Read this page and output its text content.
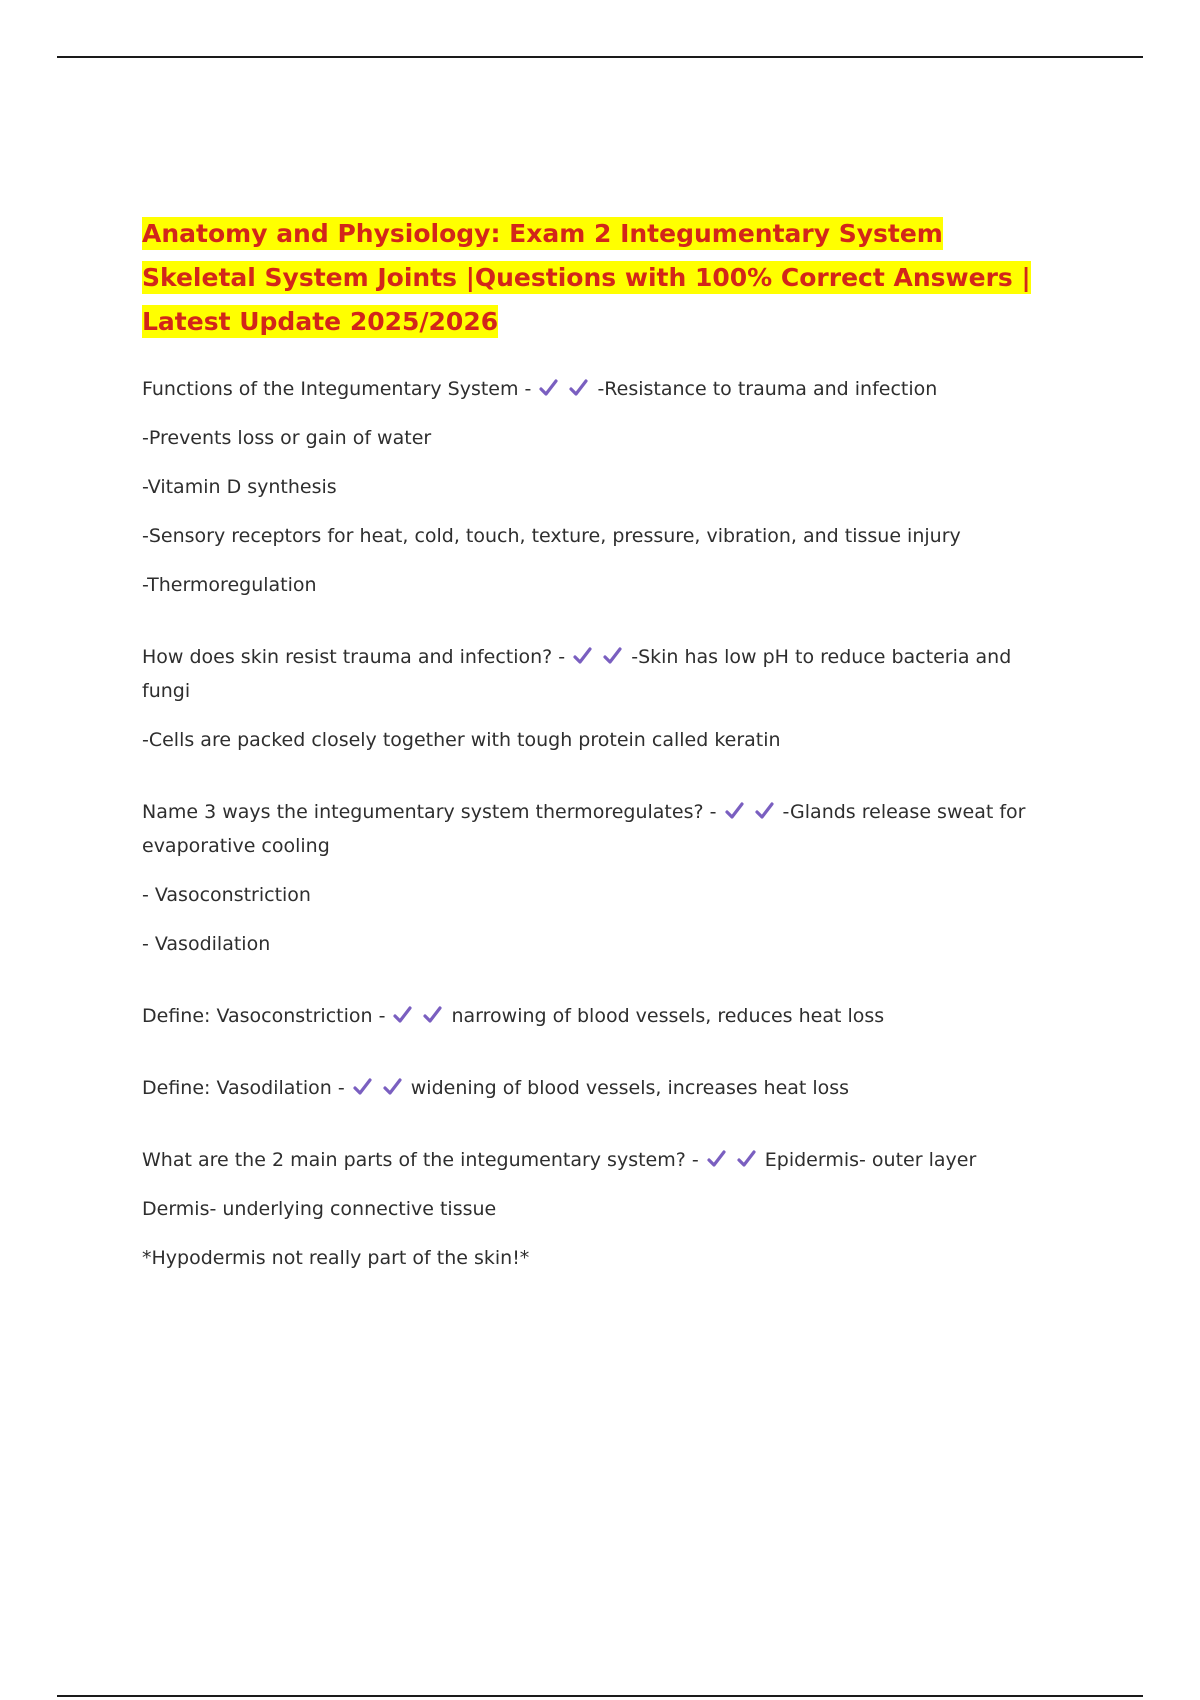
Anatomy and Physiology: Exam 2 Integumentary System Skeletal System Joints |Questions with 100% Correct Answers | Latest Update 2025/2026
Functions of the Integumentary System -	-Resistance to trauma and infection
-Prevents loss or gain of water
-Vitamin D synthesis
-Sensory receptors for heat, cold, touch, texture, pressure, vibration, and tissue injury
-Thermoregulation
How does skin resist trauma and infection? -	-Skin has low pH to reduce bacteria and fungi
-Cells are packed closely together with tough protein called keratin
Name 3 ways the integumentary system thermoregulates? -	-Glands release sweat for evaporative cooling
- Vasoconstriction
- Vasodilation
Define: Vasoconstriction -	narrowing of blood vessels, reduces heat loss
Define: Vasodilation -	widening of blood vessels, increases heat loss
What are the 2 main parts of the integumentary system? -	Epidermis- outer layer
Dermis- underlying connective tissue
*Hypodermis not really part of the skin!*
